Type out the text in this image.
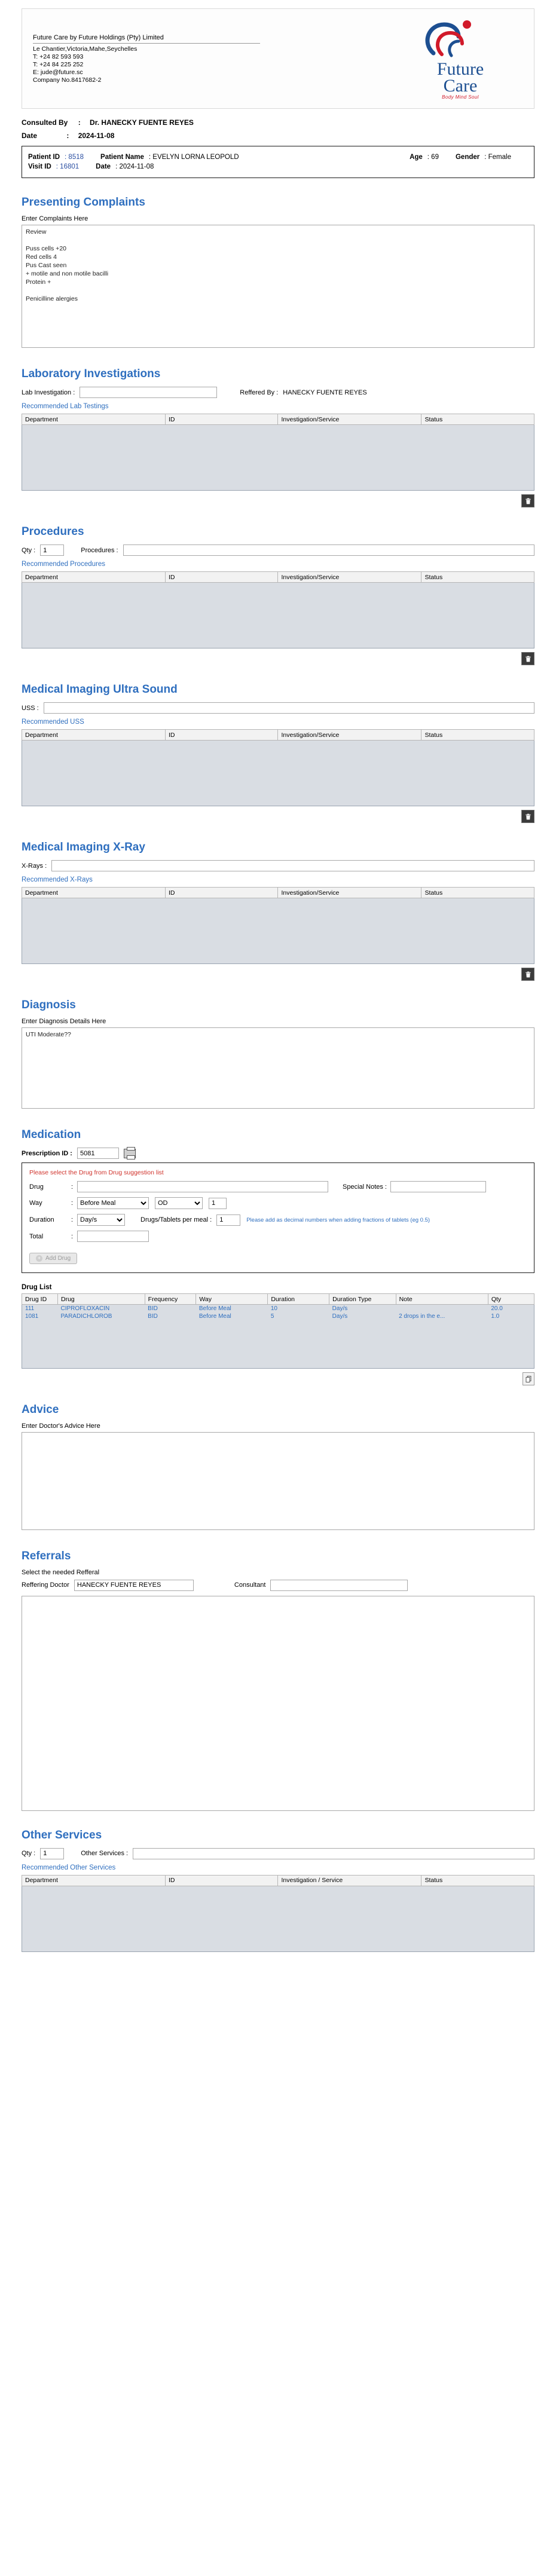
Future Care by Future Holdings (Pty) Limited
Le Chantier,Victoria,Mahe,Seychelles
T: +24 82 593 593
T: +24 84 225 252
E: jude@future.sc
Company No.8417682-2
Future
Care
Body Mind Soul
Consulted By : Dr. HANECKY FUENTE REYES
Date	: 2024-11-08
Patient ID : 8518 Patient Name : EVELYN LORNA LEOPOLD	Age : 69 Gender : Female
Visit ID : 16801 Date : 2024-11-08
Presenting Complaints
Enter Complaints Here
Review Puss cells +20 Red cells 4 Pus Cast seen + motile and non motile bacilli Protein + Penicilline alergies
Laboratory Investigations
Lab Investigation :	Reffered By : HANECKY FUENTE REYES
Recommended Lab Testings
Department	ID	Investigation/Service	Status

Procedures
Qty :
1	Procedures :
Recommended Procedures
Department	ID	Investigation/Service	Status

Medical Imaging Ultra Sound
USS :
Recommended USS
Department	ID	Investigation/Service	Status

Medical Imaging X-Ray
X-Rays :
Recommended X-Rays
Department	ID	Investigation/Service	Status

Diagnosis
Enter Diagnosis Details Here
UTI Moderate??
Medication
Prescription ID :
5081
Please select the Drug from Drug suggestion list
Drug	:	Special Notes :
Way	:
Before Meal
OD
1
Duration	:
Day/s	Drugs/Tablets per meal :
1	Please add as decimal numbers when adding fractions of tablets (eg 0.5)
Total	:
+ Add Drug
Drug List
Drug ID	Drug	Frequency	Way	Duration	Duration Type	Note	Qty
111	CIPROFLOXACIN	BID	Before Meal	10	Day/s		20.0
1081	PARADICHLOROB	BID	Before Meal	5	Day/s	2 drops in the e...	1.0

Advice
Enter Doctor's Advice Here
Referrals
Select the needed Refferal
Reffering Doctor
HANECKY FUENTE REYES	Consultant
Other Services
Qty :
1	Other Services :
Recommended Other Services
Department	ID	Investigation / Service	Status
